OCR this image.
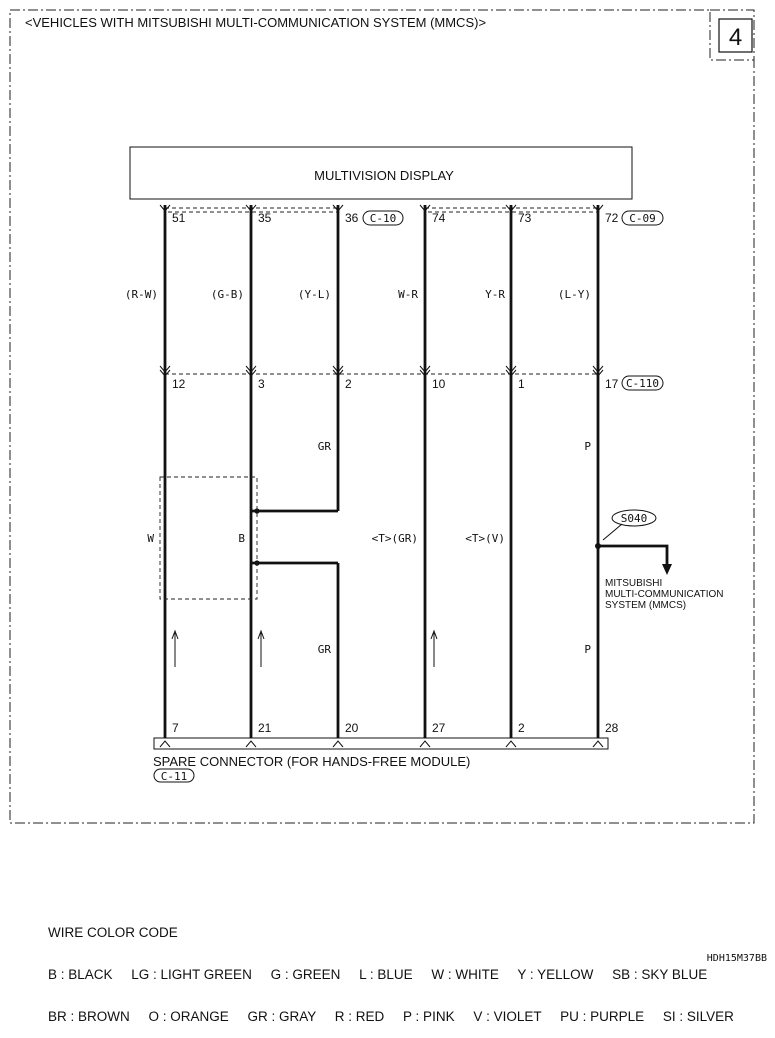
4
<VEHICLES WITH MITSUBISHI MULTI-COMMUNICATION SYSTEM (MMCS)>
MULTIVISION DISPLAY
SPARE CONNECTOR (FOR HANDS-FREE MODULE)
C-10	C-09
C-110
C-11
S040
MITSUBISHI
MULTI-COMMUNICATION
SYSTEM (MMCS)
51
(R-W)
12
W
7
35
(G-B)
3
B
21
36
(Y-L)
2
GR
GR
20
74
W-R
10
<T>(GR)
27
73
Y-R
1
<T>(V)
2
72
(L-Y)
17
P
P
28

WIRE COLOR CODE

B : BLACK     LG : LIGHT GREEN     G : GREEN     L : BLUE     W : WHITE     Y : YELLOW     SB : SKY BLUE

BR : BROWN     O : ORANGE     GR : GRAY     R : RED     P : PINK     V : VIOLET     PU : PURPLE     SI : SILVER

HDH15M37BB
